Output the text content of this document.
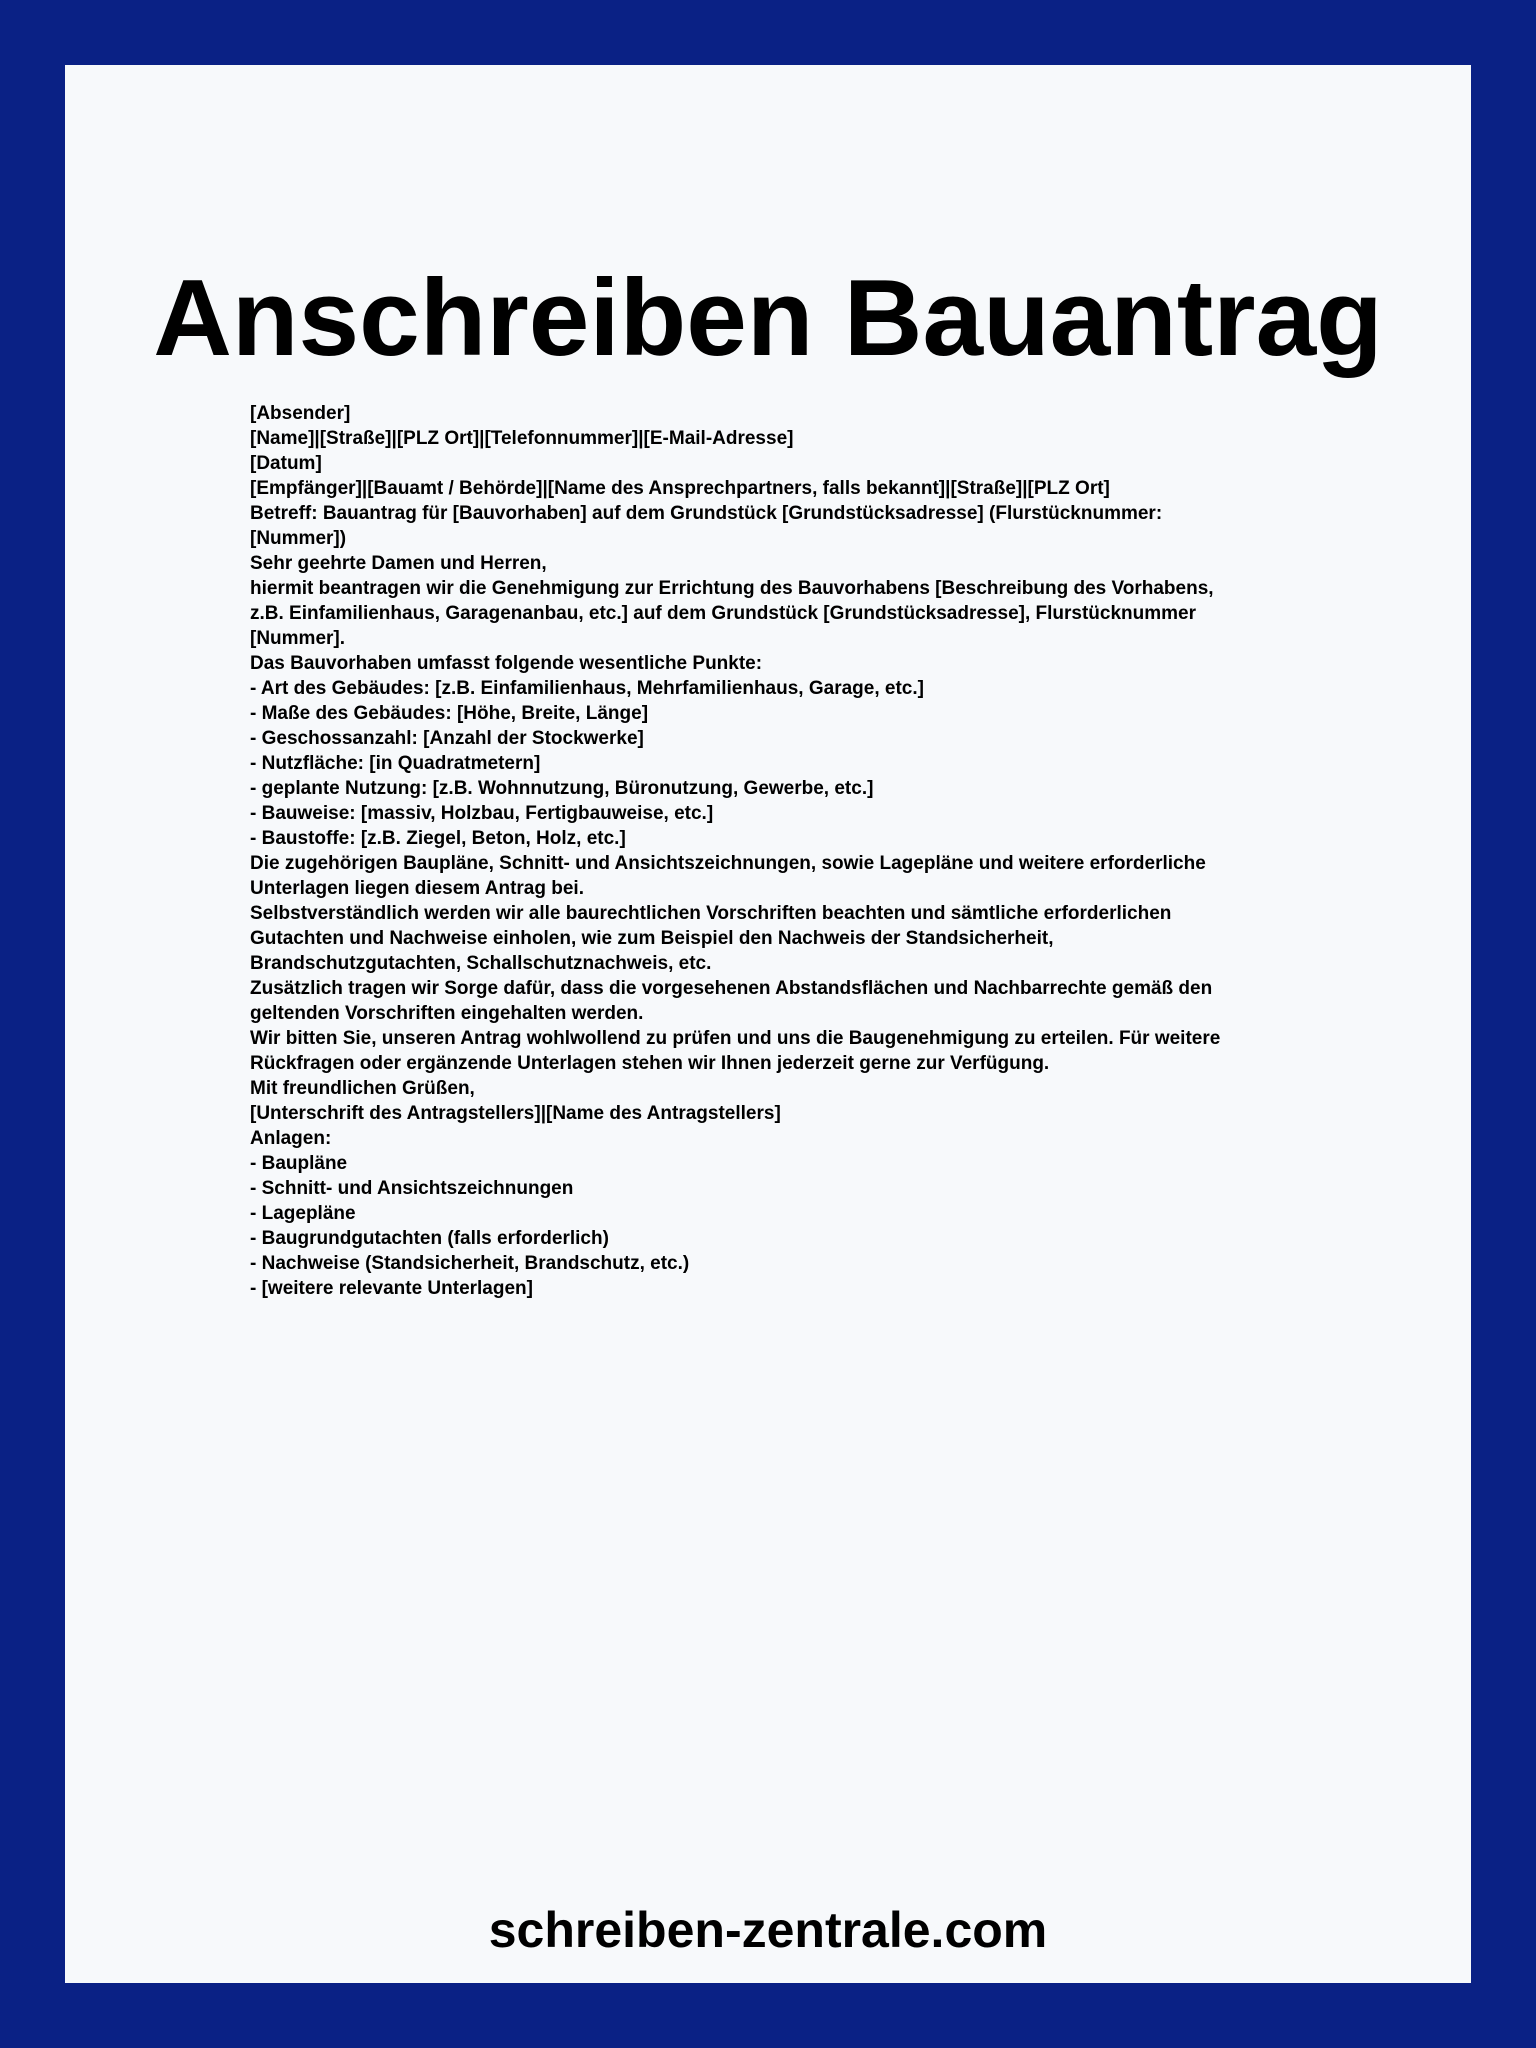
Anschreiben Bauantrag
[Absender]
[Name]|[Straße]|[PLZ Ort]|[Telefonnummer]|[E-Mail-Adresse]
[Datum]
[Empfänger]|[Bauamt / Behörde]|[Name des Ansprechpartners, falls bekannt]|[Straße]|[PLZ Ort]
Betreff: Bauantrag für [Bauvorhaben] auf dem Grundstück [Grundstücksadresse] (Flurstücknummer:
[Nummer])
Sehr geehrte Damen und Herren,
hiermit beantragen wir die Genehmigung zur Errichtung des Bauvorhabens [Beschreibung des Vorhabens,
z.B. Einfamilienhaus, Garagenanbau, etc.] auf dem Grundstück [Grundstücksadresse], Flurstücknummer
[Nummer].
Das Bauvorhaben umfasst folgende wesentliche Punkte:
- Art des Gebäudes: [z.B. Einfamilienhaus, Mehrfamilienhaus, Garage, etc.]
- Maße des Gebäudes: [Höhe, Breite, Länge]
- Geschossanzahl: [Anzahl der Stockwerke]
- Nutzfläche: [in Quadratmetern]
- geplante Nutzung: [z.B. Wohnnutzung, Büronutzung, Gewerbe, etc.]
- Bauweise: [massiv, Holzbau, Fertigbauweise, etc.]
- Baustoffe: [z.B. Ziegel, Beton, Holz, etc.]
Die zugehörigen Baupläne, Schnitt- und Ansichtszeichnungen, sowie Lagepläne und weitere erforderliche
Unterlagen liegen diesem Antrag bei.
Selbstverständlich werden wir alle baurechtlichen Vorschriften beachten und sämtliche erforderlichen
Gutachten und Nachweise einholen, wie zum Beispiel den Nachweis der Standsicherheit,
Brandschutzgutachten, Schallschutznachweis, etc.
Zusätzlich tragen wir Sorge dafür, dass die vorgesehenen Abstandsflächen und Nachbarrechte gemäß den
geltenden Vorschriften eingehalten werden.
Wir bitten Sie, unseren Antrag wohlwollend zu prüfen und uns die Baugenehmigung zu erteilen. Für weitere
Rückfragen oder ergänzende Unterlagen stehen wir Ihnen jederzeit gerne zur Verfügung.
Mit freundlichen Grüßen,
[Unterschrift des Antragstellers]|[Name des Antragstellers]
Anlagen:
- Baupläne
- Schnitt- und Ansichtszeichnungen
- Lagepläne
- Baugrundgutachten (falls erforderlich)
- Nachweise (Standsicherheit, Brandschutz, etc.)
- [weitere relevante Unterlagen]
schreiben-zentrale.com
